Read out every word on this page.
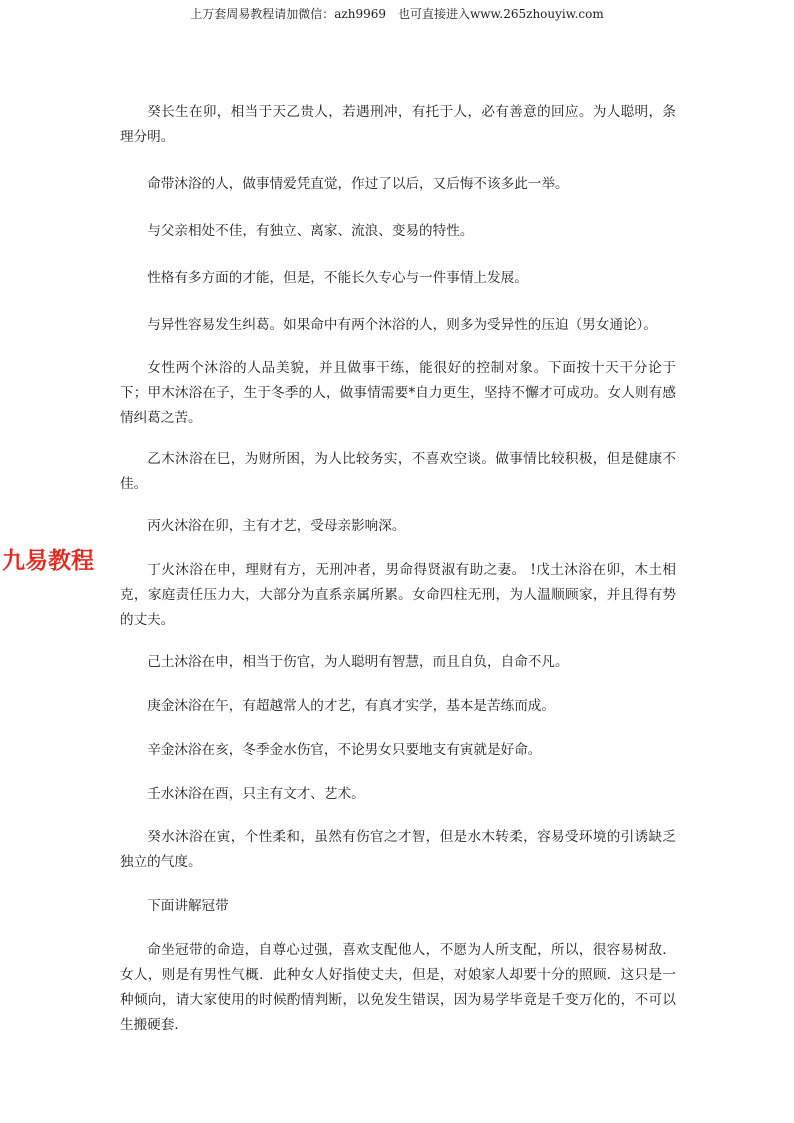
上万套周易教程请加微信：azh9969　也可直接进入www.265zhouyiw.com
九易教程

癸长生在卯，相当于天乙贵人，若遇刑冲，有托于人，必有善意的回应。为人聪明，条理分明。

命带沐浴的人，做事情爱凭直觉，作过了以后，又后悔不该多此一举。

与父亲相处不佳，有独立、离家、流浪、变易的特性。

性格有多方面的才能，但是，不能长久专心与一件事情上发展。

与异性容易发生纠葛。如果命中有两个沐浴的人，则多为受异性的压迫（男女通论）。

女性两个沐浴的人品美貌，并且做事干练，能很好的控制对象。下面按十天干分论于下；甲木沐浴在子，生于冬季的人，做事情需要*自力更生，坚持不懈才可成功。女人则有感情纠葛之苦。

乙木沐浴在巳，为财所困，为人比较务实，不喜欢空谈。做事情比较积极，但是健康不佳。

丙火沐浴在卯，主有才艺，受母亲影响深。

丁火沐浴在申，理财有方，无刑冲者，男命得贤淑有助之妻。 !戊土沐浴在卯，木土相克，家庭责任压力大，大部分为直系亲属所累。女命四柱无刑，为人温顺顾家，并且得有势的丈夫。

己土沐浴在申，相当于伤官，为人聪明有智慧，而且自负，自命不凡。

庚金沐浴在午，有超越常人的才艺，有真才实学，基本是苦练而成。

辛金沐浴在亥，冬季金水伤官，不论男女只要地支有寅就是好命。

壬水沐浴在酉，只主有文才、艺术。

癸水沐浴在寅，个性柔和，虽然有伤官之才智，但是水木转柔，容易受环境的引诱缺乏独立的气度。

下面讲解冠带

命坐冠带的命造，自尊心过强，喜欢支配他人，不愿为人所支配，所以，很容易树敌．女人，则是有男性气概．此种女人好指使丈夫，但是，对娘家人却要十分的照顾．这只是一种倾向，请大家使用的时候酌情判断，以免发生错误，因为易学毕竟是千变万化的，不可以生搬硬套．
